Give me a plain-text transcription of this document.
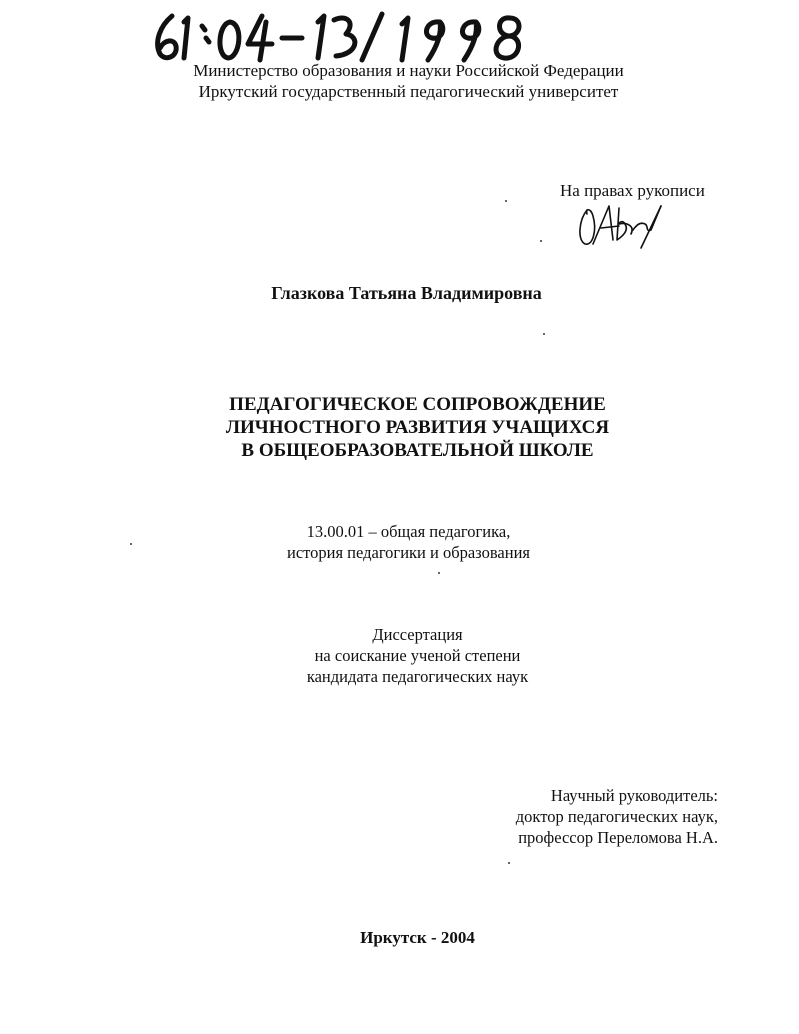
Министерство образования и науки Российской Федерации
Иркутский государственный педагогический университет
На правах рукописи
Глазкова Татьяна Владимировна
ПЕДАГОГИЧЕСКОЕ СОПРОВОЖДЕНИЕ
ЛИЧНОСТНОГО РАЗВИТИЯ УЧАЩИХСЯ
В ОБЩЕОБРАЗОВАТЕЛЬНОЙ ШКОЛЕ
13.00.01 – общая педагогика,
история педагогики и образования
Диссертация
на соискание ученой степени
кандидата педагогических наук
Научный руководитель:
доктор педагогических наук,
профессор Переломова Н.А.
Иркутск - 2004
